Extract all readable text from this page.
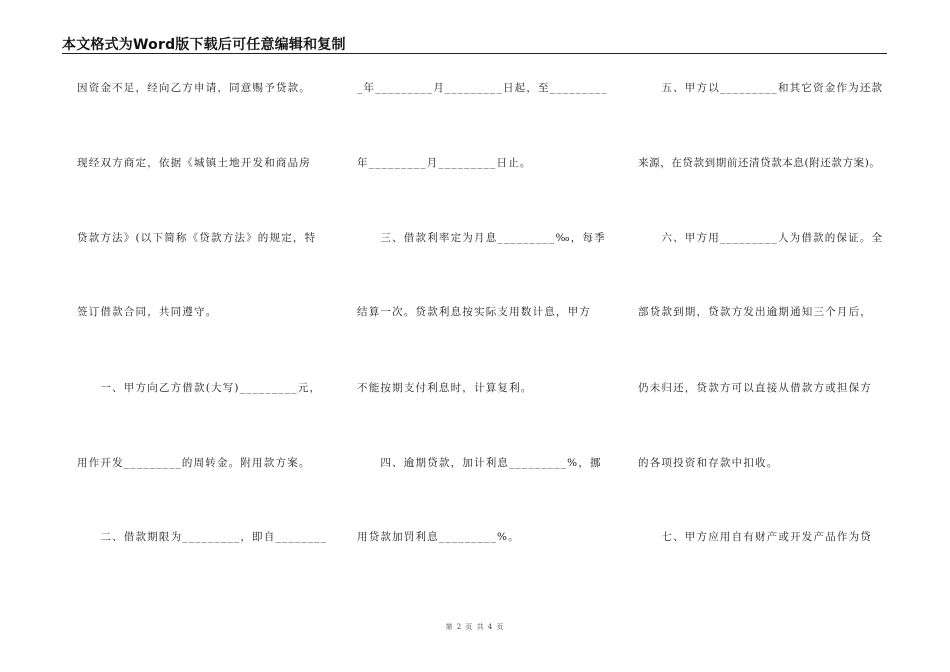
本文格式为Word版下载后可任意编辑和复制
因资金不足，经向乙方申请，同意赐予贷款。
现经双方商定，依据《城镇土地开发和商品房
贷款方法》(以下简称《贷款方法》的规定，特
签订借款合同，共同遵守。
　　一、甲方向乙方借款(大写)_________元，
用作开发_________的周转金。附用款方案。
　　二、借款期限为_________，即自________
_年_________月_________日起，至_________
年_________月_________日止。
　　三、借款利率定为月息_________‰，每季
结算一次。贷款利息按实际支用数计息，甲方
不能按期支付利息时，计算复利。
　　四、逾期贷款，加计利息_________%，挪
用贷款加罚利息_________%。
　　五、甲方以_________和其它资金作为还款
来源，在贷款到期前还清贷款本息(附还款方案)。
　　六、甲方用_________人为借款的保证。全
部贷款到期，贷款方发出逾期通知三个月后，
仍未归还，贷款方可以直接从借款方或担保方
的各项投资和存款中扣收。
　　七、甲方应用自有财产或开发产品作为贷
第 2 页 共 4 页
